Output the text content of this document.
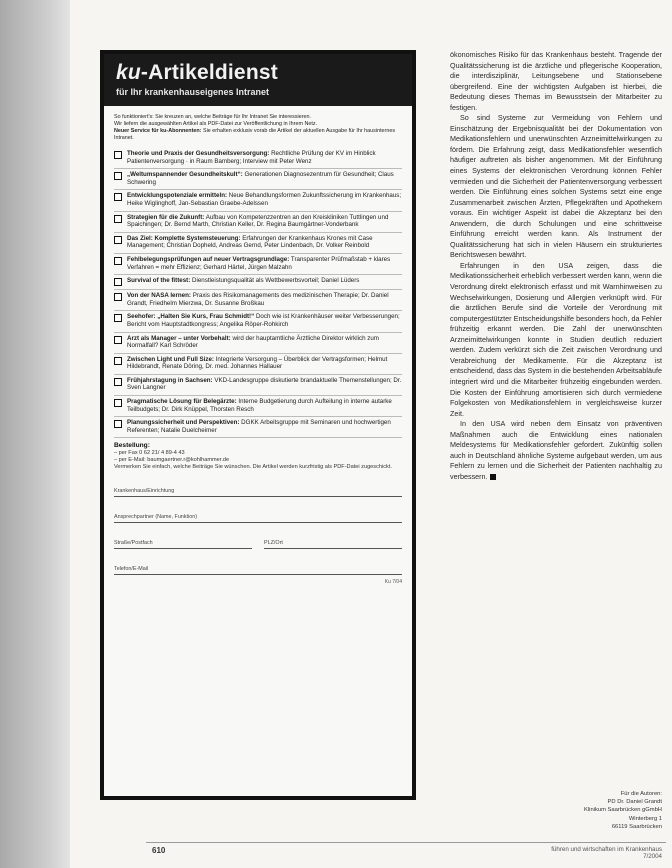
ku-Artikeldienst
für Ihr krankenhauseigenes Intranet
So funktioniert's: Sie kreuzen an, welche Beiträge für Ihr Intranet Sie interessieren.
Wir liefern die ausgewählten Artikel als PDF-Datei zur Veröffentlichung in Ihrem Netz.
Neuer Service für ku-Abonnenten: Sie erhalten exklusiv vorab die Artikel der aktuellen Ausgabe für Ihr hausinternes Intranet.
Theorie und Praxis der Gesundheitsversorgung: Rechtliche Prüfung der KV im Hinblick Patientenversorgung · in Raum Bamberg; Interview mit Peter Wenz
„Weltumspannender Gesundheitskult“: Generationen Diagnosezentrum für Gesundheit; Claus Schwering
Entwicklungspotenziale ermitteln: Neue Behandlungsformen Zukunftssicherung im Krankenhaus; Heike Wiglinghoff, Jan-Sebastian Graebe-Adelssen
Strategien für die Zukunft: Aufbau von Kompetenzzentren an den Kreiskliniken Tuttlingen und Spaichingen; Dr. Bernd Marth, Christian Keller, Dr. Regina Baumgärtner-Vonderbank
Das Ziel: Komplette Systemsteuerung: Erfahrungen der Krankenhaus Krones mit Case Management; Christian Dopheld, Andreas Gernd, Peter Lindenbach, Dr. Volker Reinbold
Fehlbelegungsprüfungen auf neuer Vertragsgrundlage: Transparenter Prüfmaßstab + klares Verfahren = mehr Effizienz; Gerhard Härtel, Jürgen Malzahn
Survival of the fittest: Dienstleistungsqualität als Wettbewerbsvorteil; Daniel Lüders
Von der NASA lernen: Praxis des Risikomanagements des medizinischen Therapie; Dr. Daniel Grandt, Friedhelm Mierzwa, Dr. Susanne Broßkau
Seehofer: „Halten Sie Kurs, Frau Schmidt!“ Doch wie ist Krankenhäuser weiter Verbesserungen; Bericht vom Hauptstadtkongress; Angelika Röper-Rohkirch
Arzt als Manager – unter Vorbehalt: wird der hauptamtliche Ärztliche Direktor wirklich zum Normalfall? Karl Schröder
Zwischen Light und Full Size: Integrierte Versorgung – Überblick der Vertragsformen; Helmut Hildebrandt, Renate Döring, Dr. med. Johannes Hallauer
Frühjahrstagung in Sachsen: VKD-Landesgruppe diskutierte brandaktuelle Themenstellungen; Dr. Sven Langner
Pragmatische Lösung für Belegärzte: Interne Budgetierung durch Aufteilung in interne autarke Teilbudgets; Dr. Dirk Knüppel, Thorsten Resch
Planungssicherheit und Perspektiven: DGKK Arbeitsgruppe mit Seminaren und hochwertigen Referenten; Natalie Duelcheimer
Bestellung:
– per Fax 0 62 21/ 4 89-4 43
– per E-Mail: baumgaertner.r@kohlhammer.de
Vermerken Sie einfach, welche Beiträge Sie wünschen. Die Artikel werden kurzfristig als PDF-Datei zugeschickt.
Krankenhaus/Einrichtung
Ansprechpartner (Name, Funktion)
Straße/Postfach	PLZ/Ort
Telefon/E-Mail
Ku 7/04

ökonomisches Risiko für das Krankenhaus besteht. Tragende der Qualitätssicherung ist die ärztliche und pflegerische Kooperation, die interdisziplinär, Leitungsebene und Stationsebene übergreifend. Eine der wichtigsten Aufgaben ist hierbei, die Bedeutung dieses Themas im Bewusstsein der Mitarbeiter zu festigen.

So sind Systeme zur Vermeidung von Fehlern und Einschätzung der Ergebnisqualität bei der Dokumentation von Medikationsfehlern und unerwünschten Arzneimittelwirkungen zu fördern. Die Erfahrung zeigt, dass Medikationsfehler wesentlich häufiger auftreten als bisher angenommen. Mit der Einführung eines Systems der elektronischen Verordnung können Fehler vermieden und die Sicherheit der Patientenversorgung verbessert werden. Die Einführung eines solchen Systems setzt eine enge Zusammenarbeit zwischen Ärzten, Pflegekräften und Apothekern voraus. Ein wichtiger Aspekt ist dabei die Akzeptanz bei den Anwendern, die durch Schulungen und eine schrittweise Einführung erreicht werden kann. Als Instrument der Qualitätssicherung hat sich in vielen Häusern ein strukturiertes Berichtswesen bewährt.

Erfahrungen in den USA zeigen, dass die Medikationssicherheit erheblich verbessert werden kann, wenn die Verordnung direkt elektronisch erfasst und mit Warnhinweisen zu Wechselwirkungen, Dosierung und Allergien verknüpft wird. Für die ärztlichen Berufe sind die Vorteile der Verordnung mit computergestützter Entscheidungshilfe besonders hoch, da Fehler frühzeitig erkannt werden. Die Zahl der unerwünschten Arzneimittelwirkungen konnte in Studien deutlich reduziert werden. Zudem verkürzt sich die Zeit zwischen Verordnung und Verabreichung der Medikamente. Für die Akzeptanz ist entscheidend, dass das System in die bestehenden Arbeitsabläufe integriert wird und die Mitarbeiter frühzeitig eingebunden werden. Die Kosten der Einführung amortisieren sich durch vermiedene Folgekosten von Medikationsfehlern in vergleichsweise kurzer Zeit.

In den USA wird neben dem Einsatz von präventiven Maßnahmen auch die Entwicklung eines nationalen Meldesystems für Medikationsfehler gefordert. Zukünftig sollen auch in Deutschland ähnliche Systeme aufgebaut werden, um aus Fehlern zu lernen und die Sicherheit der Patienten nachhaltig zu verbessern.

Für die Autoren:
PD Dr. Daniel Grandt
Klinikum Saarbrücken gGmbH
Winterberg 1
66119 Saarbrücken
610	führen und wirtschaften im Krankenhaus 7/2004
